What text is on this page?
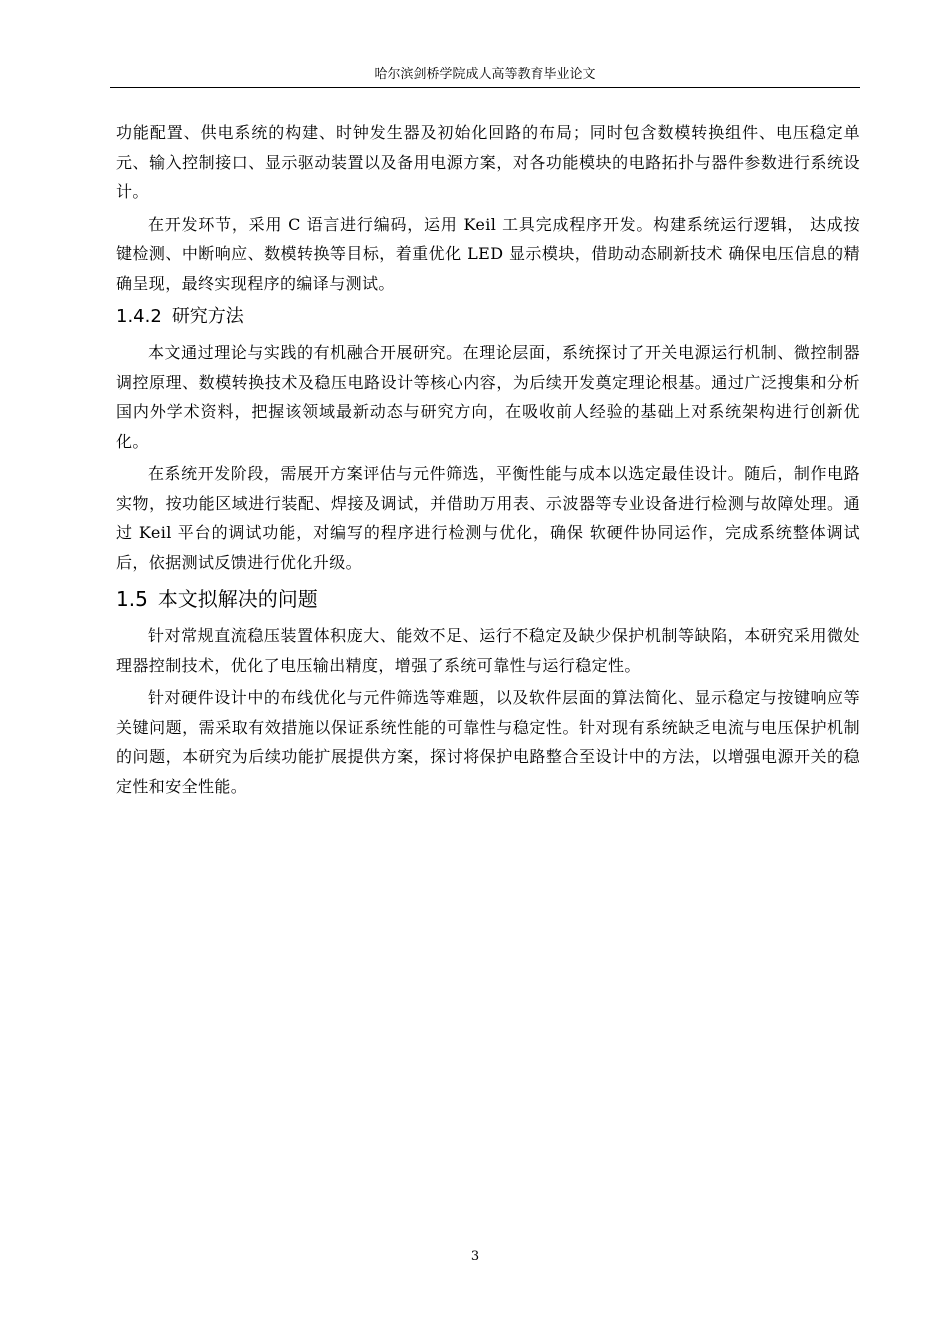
哈尔滨剑桥学院成人高等教育毕业论文

功能配置、供电系统的构建、时钟发生器及初始化回路的布局；同时包含数模转换组件、电压稳定单元、输入控制接口、显示驱动装置以及备用电源方案，对各功能模块的电路拓扑与器件参数进行系统设计。

在开发环节，采用 C 语言进行编码，运用 Keil 工具完成程序开发。构建系统运行逻辑， 达成按键检测、中断响应、数模转换等目标，着重优化 LED 显示模块，借助动态刷新技术 确保电压信息的精确呈现，最终实现程序的编译与测试。

1.4.2 研究方法

本文通过理论与实践的有机融合开展研究。在理论层面，系统探讨了开关电源运行机制、微控制器调控原理、数模转换技术及稳压电路设计等核心内容，为后续开发奠定理论根基。通过广泛搜集和分析国内外学术资料，把握该领域最新动态与研究方向，在吸收前人经验的基础上对系统架构进行创新优化。

在系统开发阶段，需展开方案评估与元件筛选，平衡性能与成本以选定最佳设计。随后，制作电路实物，按功能区域进行装配、焊接及调试，并借助万用表、示波器等专业设备进行检测与故障处理。通过 Keil 平台的调试功能，对编写的程序进行检测与优化，确保 软硬件协同运作，完成系统整体调试后，依据测试反馈进行优化升级。

1.5 本文拟解决的问题

针对常规直流稳压装置体积庞大、能效不足、运行不稳定及缺少保护机制等缺陷，本研究采用微处理器控制技术，优化了电压输出精度，增强了系统可靠性与运行稳定性。

针对硬件设计中的布线优化与元件筛选等难题，以及软件层面的算法简化、显示稳定与按键响应等关键问题，需采取有效措施以保证系统性能的可靠性与稳定性。针对现有系统缺乏电流与电压保护机制的问题，本研究为后续功能扩展提供方案，探讨将保护电路整合至设计中的方法，以增强电源开关的稳定性和安全性能。

3
